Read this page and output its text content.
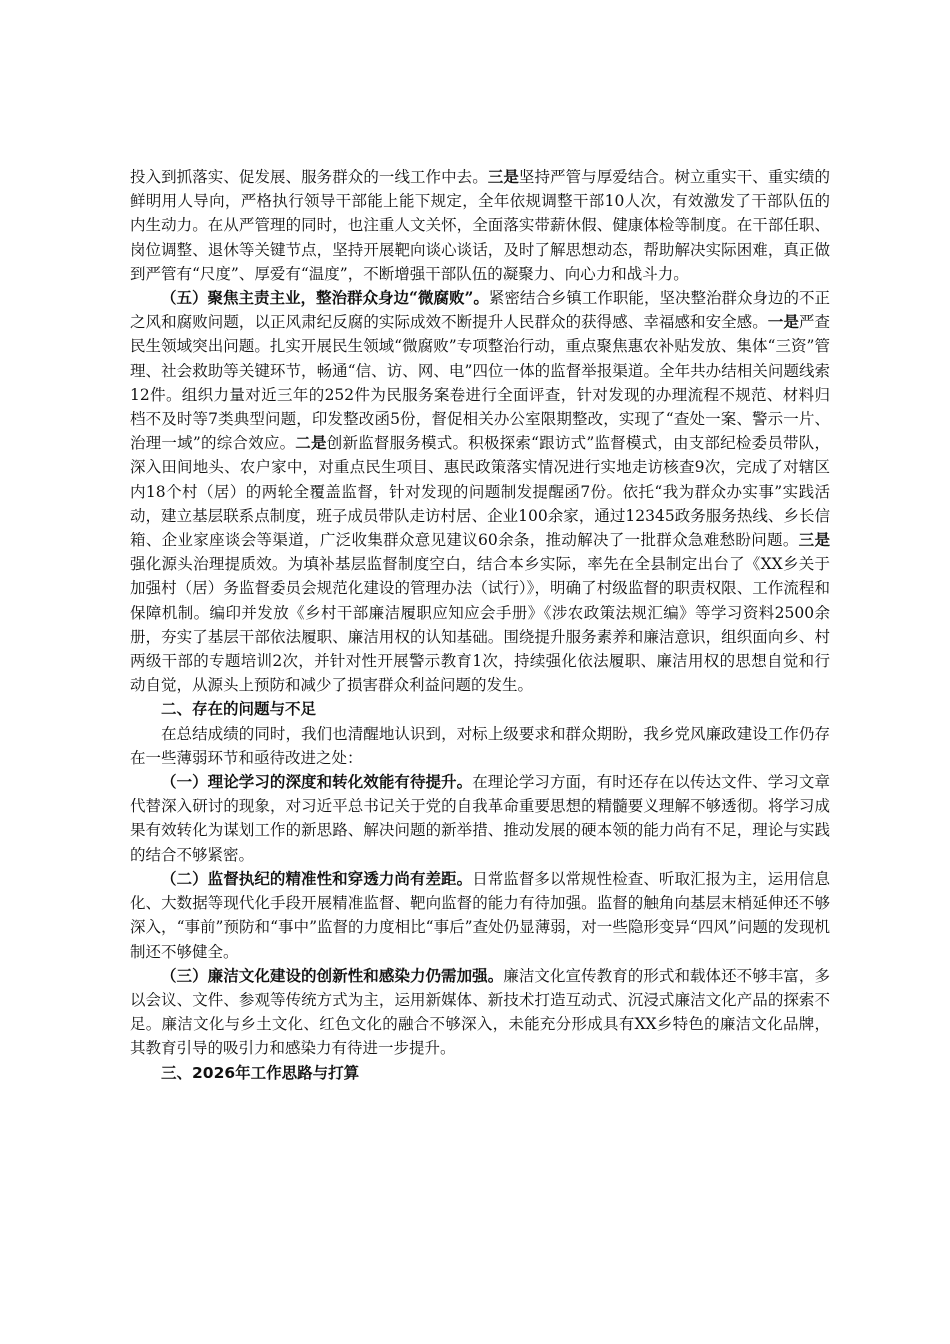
投入到抓落实、促发展、服务群众的一线工作中去。三是坚持严管与厚爱结合。树立重实干、重实绩的鲜明用人导向，严格执行领导干部能上能下规定，全年依规调整干部10人次，有效激发了干部队伍的内生动力。在从严管理的同时，也注重人文关怀，全面落实带薪休假、健康体检等制度。在干部任职、岗位调整、退休等关键节点，坚持开展靶向谈心谈话，及时了解思想动态，帮助解决实际困难，真正做到严管有“尺度”、厚爱有“温度”，不断增强干部队伍的凝聚力、向心力和战斗力。

（五）聚焦主责主业，整治群众身边“微腐败”。紧密结合乡镇工作职能，坚决整治群众身边的不正之风和腐败问题，以正风肃纪反腐的实际成效不断提升人民群众的获得感、幸福感和安全感。一是严查民生领域突出问题。扎实开展民生领域“微腐败”专项整治行动，重点聚焦惠农补贴发放、集体“三资”管理、社会救助等关键环节，畅通“信、访、网、电”四位一体的监督举报渠道。全年共办结相关问题线索12件。组织力量对近三年的252件为民服务案卷进行全面评查，针对发现的办理流程不规范、材料归档不及时等7类典型问题，印发整改函5份，督促相关办公室限期整改，实现了“查处一案、警示一片、治理一域”的综合效应。二是创新监督服务模式。积极探索“跟访式”监督模式，由支部纪检委员带队，深入田间地头、农户家中，对重点民生项目、惠民政策落实情况进行实地走访核查9次，完成了对辖区内18个村（居）的两轮全覆盖监督，针对发现的问题制发提醒函7份。依托“我为群众办实事”实践活动，建立基层联系点制度，班子成员带队走访村居、企业100余家，通过12345政务服务热线、乡长信箱、企业家座谈会等渠道，广泛收集群众意见建议60余条，推动解决了一批群众急难愁盼问题。三是强化源头治理提质效。为填补基层监督制度空白，结合本乡实际，率先在全县制定出台了《XX乡关于加强村（居）务监督委员会规范化建设的管理办法（试行）》，明确了村级监督的职责权限、工作流程和保障机制。编印并发放《乡村干部廉洁履职应知应会手册》《涉农政策法规汇编》等学习资料2500余册，夯实了基层干部依法履职、廉洁用权的认知基础。围绕提升服务素养和廉洁意识，组织面向乡、村两级干部的专题培训2次，并针对性开展警示教育1次，持续强化依法履职、廉洁用权的思想自觉和行动自觉，从源头上预防和减少了损害群众利益问题的发生。

二、存在的问题与不足

在总结成绩的同时，我们也清醒地认识到，对标上级要求和群众期盼，我乡党风廉政建设工作仍存在一些薄弱环节和亟待改进之处：

（一）理论学习的深度和转化效能有待提升。在理论学习方面，有时还存在以传达文件、学习文章代替深入研讨的现象，对习近平总书记关于党的自我革命重要思想的精髓要义理解不够透彻。将学习成果有效转化为谋划工作的新思路、解决问题的新举措、推动发展的硬本领的能力尚有不足，理论与实践的结合不够紧密。

（二）监督执纪的精准性和穿透力尚有差距。日常监督多以常规性检查、听取汇报为主，运用信息化、大数据等现代化手段开展精准监督、靶向监督的能力有待加强。监督的触角向基层末梢延伸还不够深入，“事前”预防和“事中”监督的力度相比“事后”查处仍显薄弱，对一些隐形变异“四风”问题的发现机制还不够健全。

（三）廉洁文化建设的创新性和感染力仍需加强。廉洁文化宣传教育的形式和载体还不够丰富，多以会议、文件、参观等传统方式为主，运用新媒体、新技术打造互动式、沉浸式廉洁文化产品的探索不足。廉洁文化与乡土文化、红色文化的融合不够深入，未能充分形成具有XX乡特色的廉洁文化品牌，其教育引导的吸引力和感染力有待进一步提升。

三、2026年工作思路与打算
